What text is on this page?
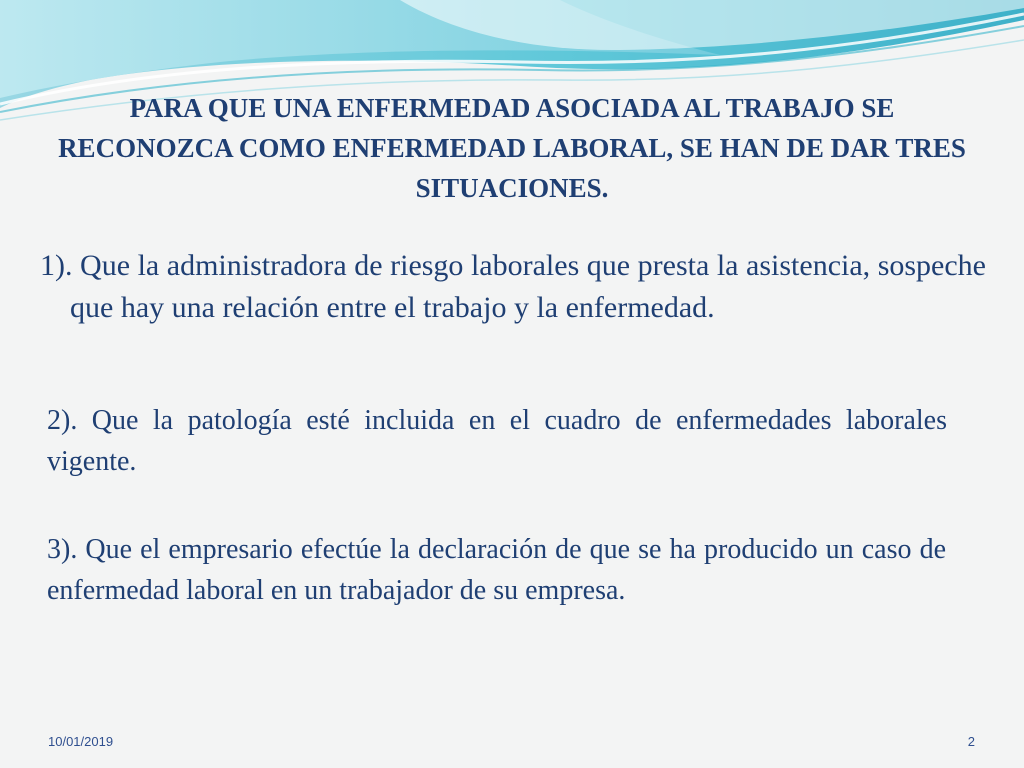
PARA QUE UNA ENFERMEDAD ASOCIADA AL TRABAJO SE RECONOZCA COMO ENFERMEDAD LABORAL, SE HAN DE DAR TRES SITUACIONES.

1). Que la administradora de riesgo laborales que presta la asistencia, sospeche que hay una relación entre el trabajo y la enfermedad.

2). Que la patología esté incluida en el cuadro de enfermedades laborales vigente.

3). Que el empresario efectúe la declaración de que se ha producido un caso de enfermedad laboral en un trabajador de su empresa.

10/01/2019	2
